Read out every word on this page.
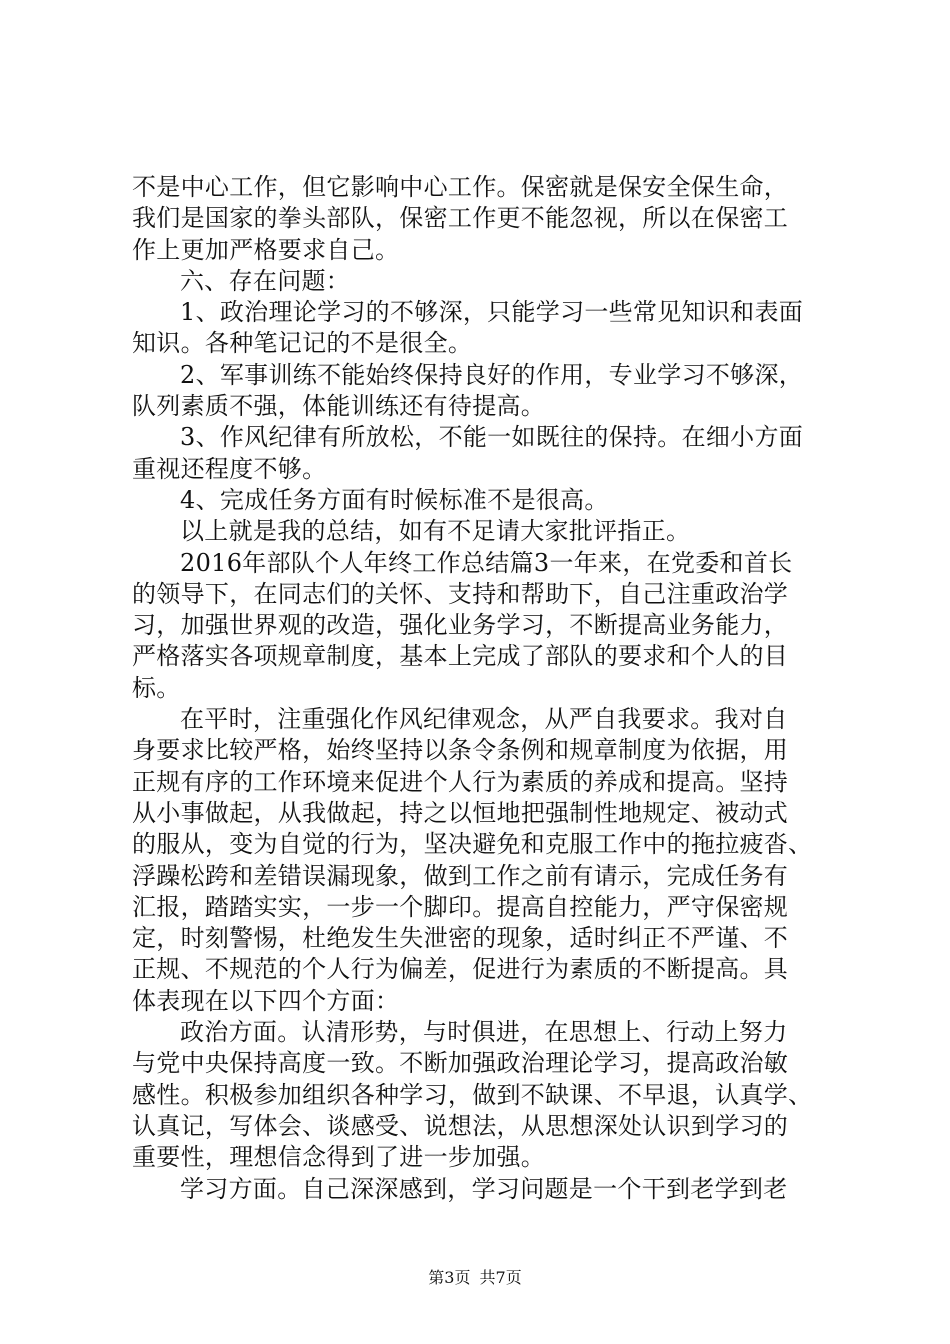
不是中心工作，但它影响中心工作。保密就是保安全保生命，
我们是国家的拳头部队，保密工作更不能忽视，所以在保密工
作上更加严格要求自己。
六、存在问题：
1、政治理论学习的不够深，只能学习一些常见知识和表面
知识。各种笔记记的不是很全。
2、军事训练不能始终保持良好的作用，专业学习不够深，
队列素质不强，体能训练还有待提高。
3、作风纪律有所放松，不能一如既往的保持。在细小方面
重视还程度不够。
4、完成任务方面有时候标准不是很高。
以上就是我的总结，如有不足请大家批评指正。
2016年部队个人年终工作总结篇3一年来，在党委和首长
的领导下，在同志们的关怀、支持和帮助下，自己注重政治学
习，加强世界观的改造，强化业务学习，不断提高业务能力，
严格落实各项规章制度，基本上完成了部队的要求和个人的目
标。
在平时，注重强化作风纪律观念，从严自我要求。我对自
身要求比较严格，始终坚持以条令条例和规章制度为依据，用
正规有序的工作环境来促进个人行为素质的养成和提高。坚持
从小事做起，从我做起，持之以恒地把强制性地规定、被动式
的服从，变为自觉的行为，坚决避免和克服工作中的拖拉疲沓、
浮躁松跨和差错误漏现象，做到工作之前有请示，完成任务有
汇报，踏踏实实，一步一个脚印。提高自控能力，严守保密规
定，时刻警惕，杜绝发生失泄密的现象，适时纠正不严谨、不
正规、不规范的个人行为偏差，促进行为素质的不断提高。具
体表现在以下四个方面：
政治方面。认清形势，与时俱进，在思想上、行动上努力
与党中央保持高度一致。不断加强政治理论学习，提高政治敏
感性。积极参加组织各种学习，做到不缺课、不早退，认真学、
认真记，写体会、谈感受、说想法，从思想深处认识到学习的
重要性，理想信念得到了进一步加强。
学习方面。自己深深感到，学习问题是一个干到老学到老
第3页 共7页
